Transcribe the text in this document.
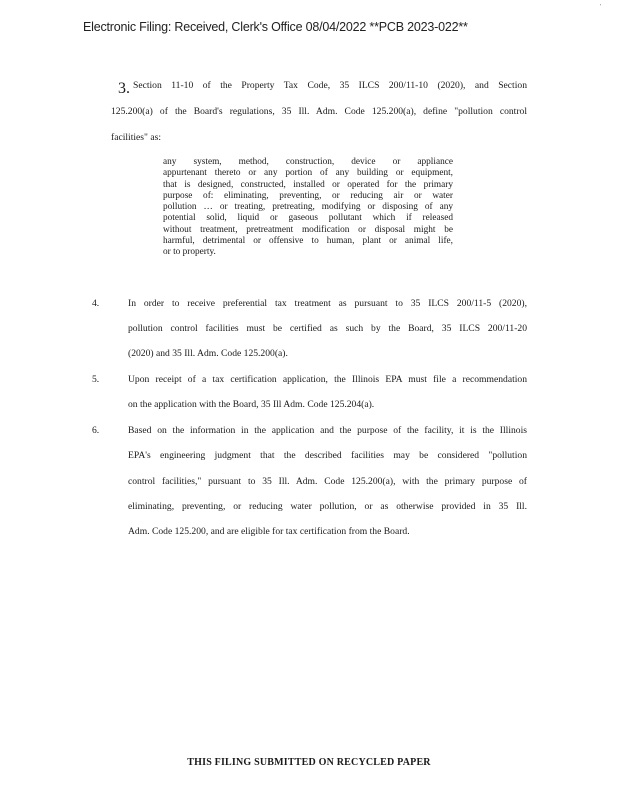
'
Electronic Filing: Received, Clerk's Office 08/04/2022 **PCB 2023-022**
3. Section 11-10 of the Property Tax Code, 35 ILCS 200/11-10 (2020), and Section
125.200(a) of the Board's regulations, 35 Ill. Adm. Code 125.200(a), define "pollution control
facilities" as:
any system, method, construction, device or appliance
appurtenant thereto or any portion of any building or equipment,
that is designed, constructed, installed or operated for the primary
purpose of: eliminating, preventing, or reducing air or water
pollution … or treating, pretreating, modifying or disposing of any
potential solid, liquid or gaseous pollutant which if released
without treatment, pretreatment modification or disposal might be
harmful, detrimental or offensive to human, plant or animal life,
or to property.
4.	In order to receive preferential tax treatment as pursuant to 35 ILCS 200/11-5 (2020),
pollution control facilities must be certified as such by the Board, 35 ILCS 200/11-20
(2020) and 35 Ill. Adm. Code 125.200(a).
5.	Upon receipt of a tax certification application, the Illinois EPA must file a recommendation
on the application with the Board, 35 Ill Adm. Code 125.204(a).
6.	Based on the information in the application and the purpose of the facility, it is the Illinois
EPA's engineering judgment that the described facilities may be considered "pollution
control facilities," pursuant to 35 Ill. Adm. Code 125.200(a), with the primary purpose of
eliminating, preventing, or reducing water pollution, or as otherwise provided in 35 Ill.
Adm. Code 125.200, and are eligible for tax certification from the Board.
THIS FILING SUBMITTED ON RECYCLED PAPER
